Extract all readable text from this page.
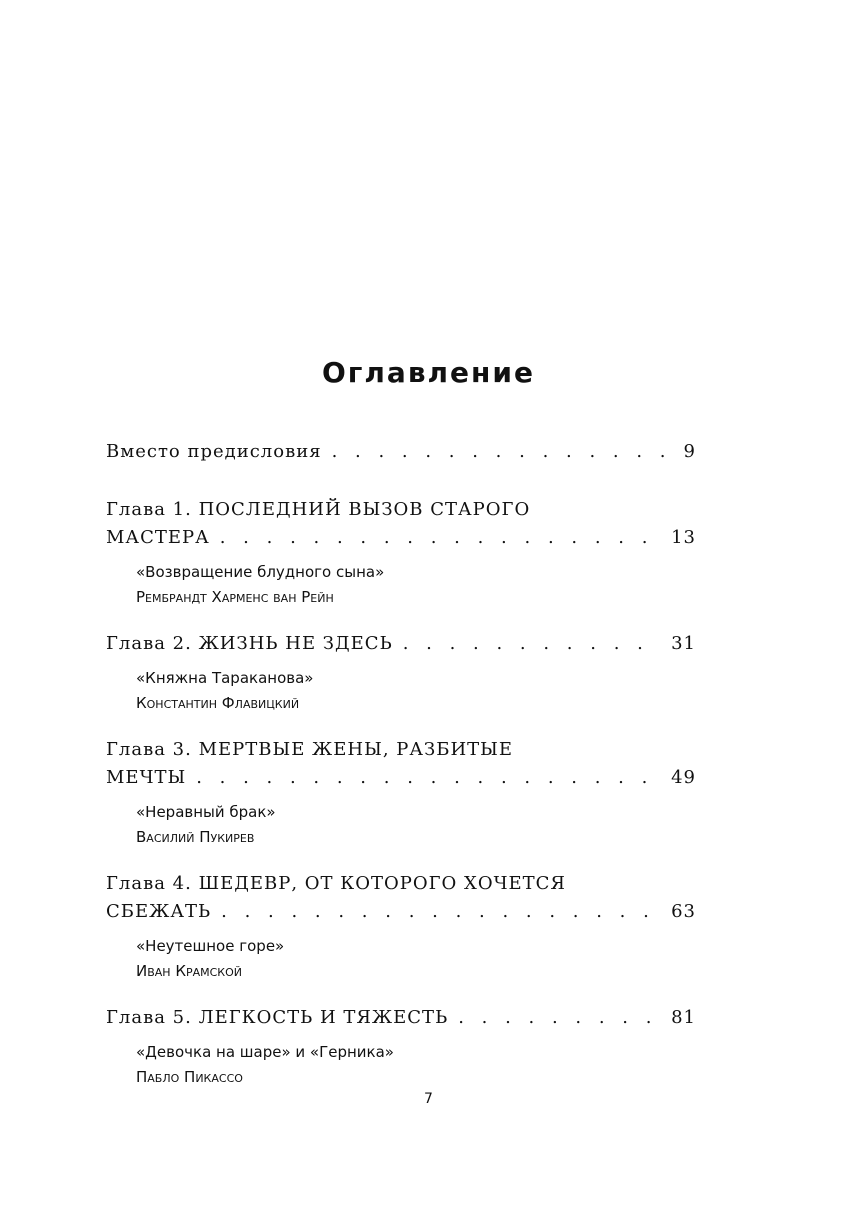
Оглавление
Вместо предисловия . . .	9
Глава 1. ПОСЛЕДНИЙ ВЫЗОВ СТАРОГО
МАСТЕРА . . .	13
«Возвращение блудного сына»
Рембрандт Харменс ван Рейн
Глава 2. ЖИЗНЬ НЕ ЗДЕСЬ . . .	31
«Княжна Тараканова»
Константин Флавицкий
Глава 3. МЕРТВЫЕ ЖЕНЫ, РАЗБИТЫЕ
МЕЧТЫ . . .	49
«Неравный брак»
Василий Пукирев
Глава 4. ШЕДЕВР, ОТ КОТОРОГО ХОЧЕТСЯ
СБЕЖАТЬ . . .	63
«Неутешное горе»
Иван Крамской
Глава 5. ЛЕГКОСТЬ И ТЯЖЕСТЬ . . .	81
«Девочка на шаре» и «Герника»
Пабло Пикассо
7
